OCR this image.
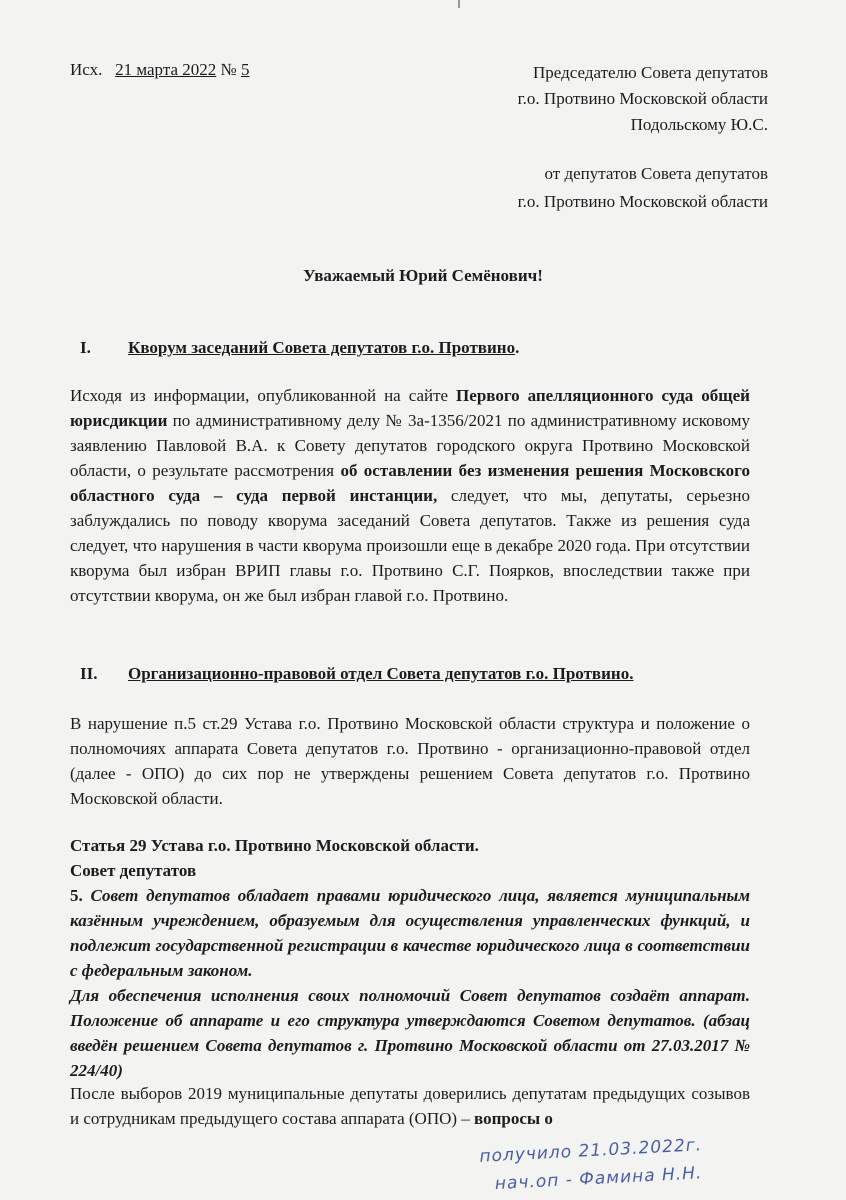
Исх. 21 марта 2022 № 5	Председателю Совета депутатов
г.о. Протвино Московской области
Подольскому Ю.С.
от депутатов Совета депутатов
г.о. Протвино Московской области
Уважаемый Юрий Семёнович!
I. Кворум заседаний Совета депутатов г.о. Протвино.
Исходя из информации, опубликованной на сайте Первого апелляционного суда общей юрисдикции по административному делу № 3а-1356/2021 по административному исковому заявлению Павловой В.А. к Совету депутатов городского округа Протвино Московской области, о результате рассмотрения об оставлении без изменения решения Московского областного суда – суда первой инстанции, следует, что мы, депутаты, серьезно заблуждались по поводу кворума заседаний Совета депутатов. Также из решения суда следует, что нарушения в части кворума произошли еще в декабре 2020 года. При отсутствии кворума был избран ВРИП главы г.о. Протвино С.Г. Поярков, впоследствии также при отсутствии кворума, он же был избран главой г.о. Протвино.
II. Организационно-правовой отдел Совета депутатов г.о. Протвино.
В нарушение п.5 ст.29 Устава г.о. Протвино Московской области структура и положение о полномочиях аппарата Совета депутатов г.о. Протвино - организационно-правовой отдел (далее - ОПО) до сих пор не утверждены решением Совета депутатов г.о. Протвино Московской области.
Статья 29 Устава г.о. Протвино Московской области.
Совет депутатов
5. Совет депутатов обладает правами юридического лица, является муниципальным казённым учреждением, образуемым для осуществления управленческих функций, и подлежит государственной регистрации в качестве юридического лица в соответствии с федеральным законом.
Для обеспечения исполнения своих полномочий Совет депутатов создаёт аппарат. Положение об аппарате и его структура утверждаются Советом депутатов. (абзац введён решением Совета депутатов г. Протвино Московской области от 27.03.2017 № 224/40)
После выборов 2019 муниципальные депутаты доверились депутатам предыдущих созывов и сотрудникам предыдущего состава аппарата (ОПО) – вопросы о
получило 21.03.2022г.
нач.оп - Фамина Н.Н.
